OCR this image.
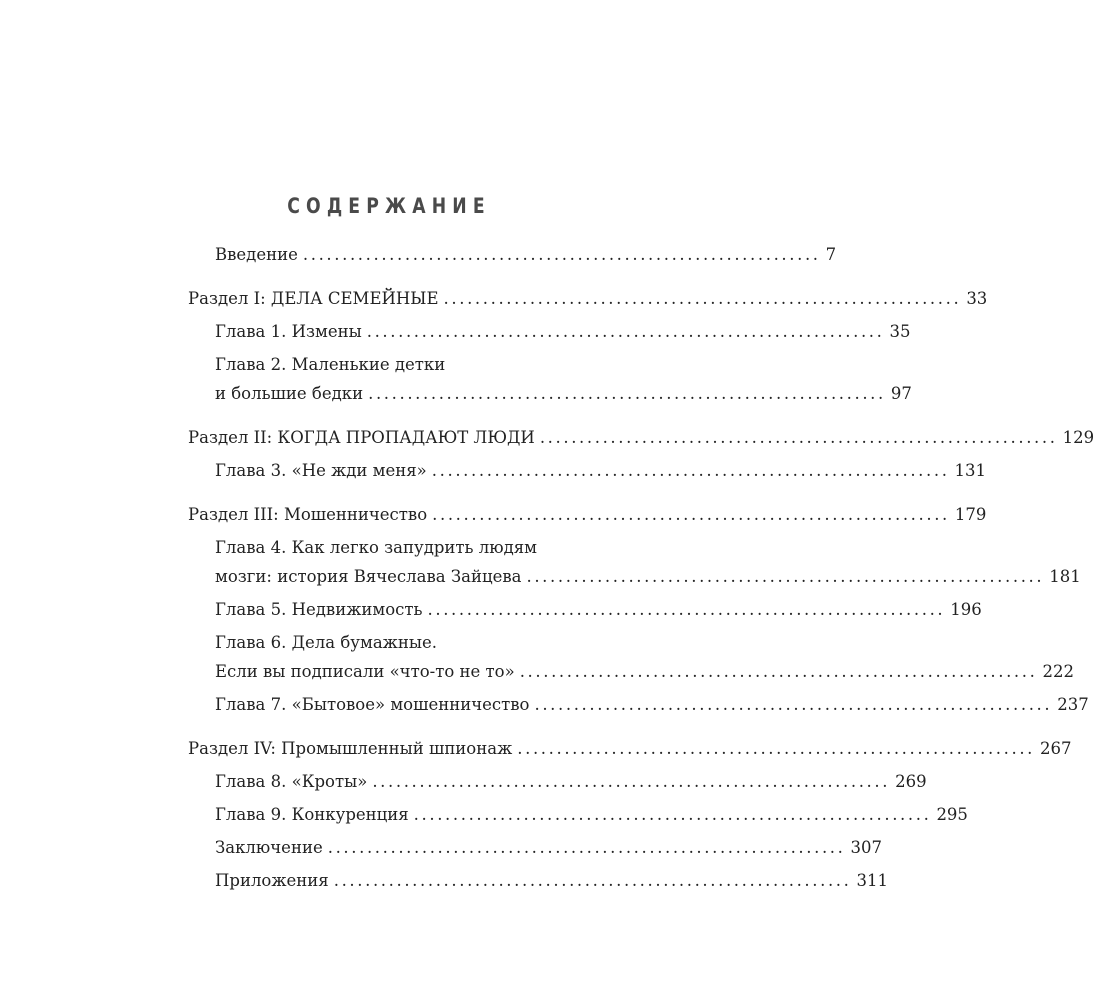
СОДЕРЖАНИЕ
Введение .................................................................. 7
Раздел I: ДЕЛА СЕМЕЙНЫЕ .................................................................. 33
Глава 1. Измены .................................................................. 35
Глава 2. Маленькие детки
и большие бедки .................................................................. 97
Раздел II: КОГДА ПРОПАДАЮТ ЛЮДИ .................................................................. 129
Глава 3. «Не жди меня» .................................................................. 131
Раздел III: Мошенничество .................................................................. 179
Глава 4. Как легко запудрить людям
мозги: история Вячеслава Зайцева .................................................................. 181
Глава 5. Недвижимость .................................................................. 196
Глава 6. Дела бумажные.
Если вы подписали «что-то не то» .................................................................. 222
Глава 7. «Бытовое» мошенничество .................................................................. 237
Раздел IV: Промышленный шпионаж .................................................................. 267
Глава 8. «Кроты» .................................................................. 269
Глава 9. Конкуренция .................................................................. 295
Заключение .................................................................. 307
Приложения .................................................................. 311
